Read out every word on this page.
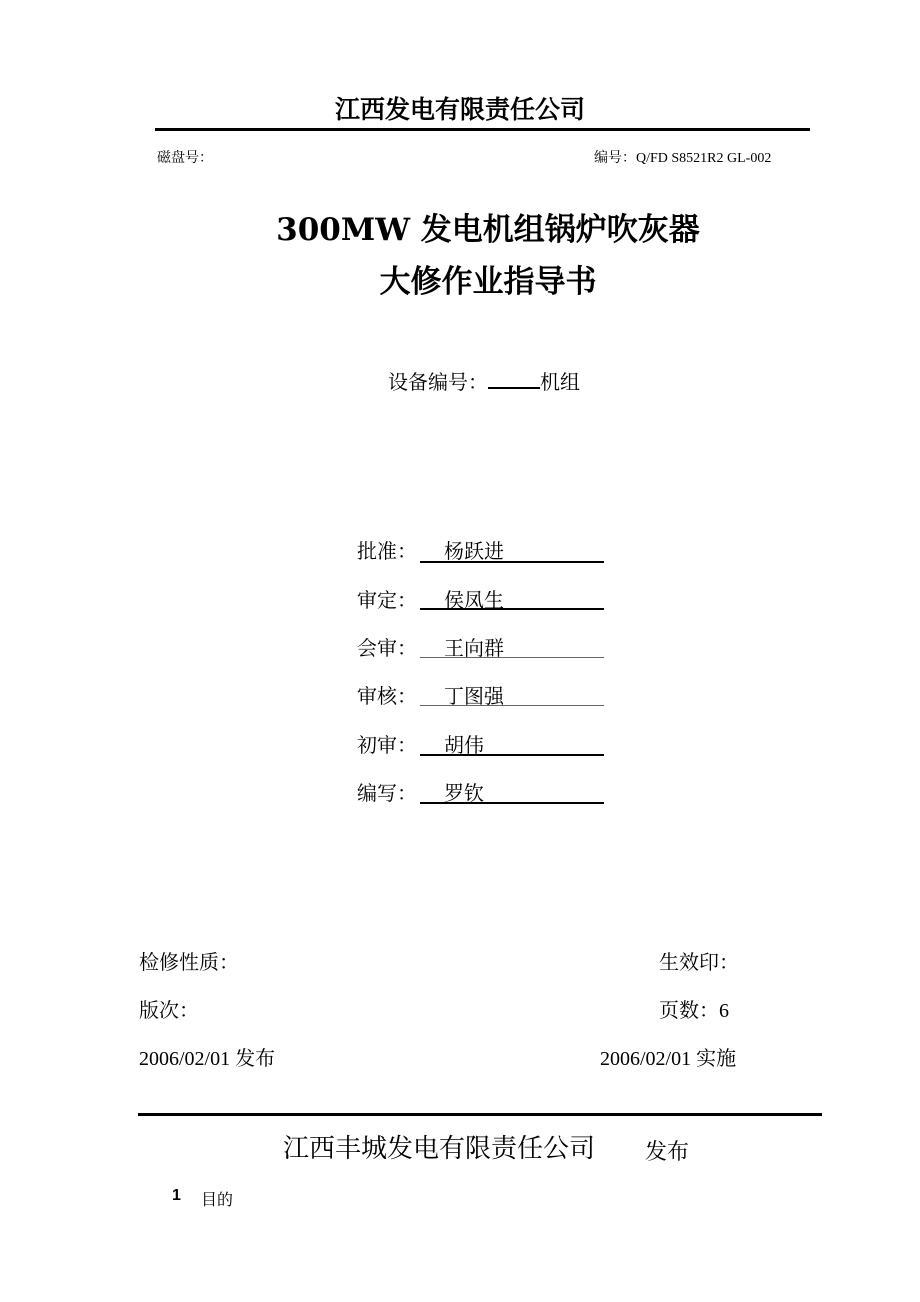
江西发电有限责任公司
磁盘号：	编号：Q/FD S8521R2 GL-002
300MW 发电机组锅炉吹灰器
大修作业指导书
设备编号：	机组
批准： 杨跃进
审定： 侯凤生
会审： 王向群
审核： 丁图强
初审： 胡伟
编写： 罗钦
检修性质：	生效印：
版次：	页数：6
2006/02/01 发布	2006/02/01 实施
江西丰城发电有限责任公司 发布
1 目的
